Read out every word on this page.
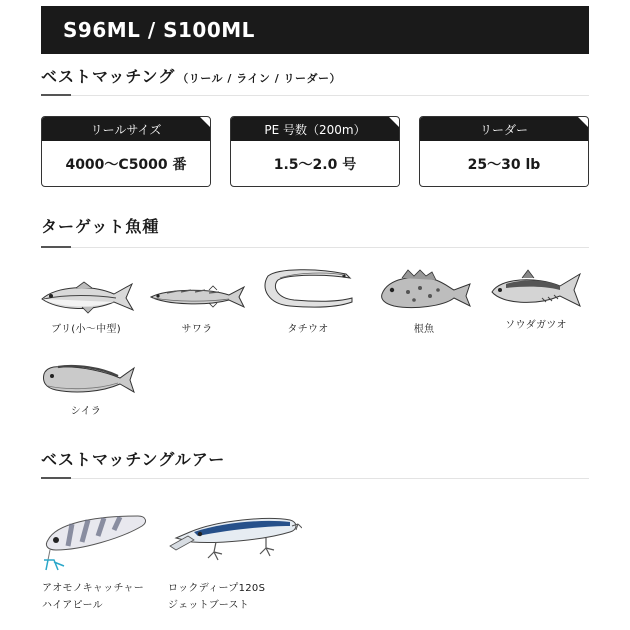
S96ML / S100ML
ベストマッチング （リール / ライン / リーダー）
リールサイズ
4000〜C5000 番
PE 号数（200m）
1.5〜2.0 号
リーダー
25〜30 lb
ターゲット魚種
ブリ(小〜中型)	サワラ	タチウオ	根魚	ソウダガツオ
シイラ
ベストマッチングルアー
アオモノキャッチャー
ハイアピール
ロックディープ120S
ジェットブースト
